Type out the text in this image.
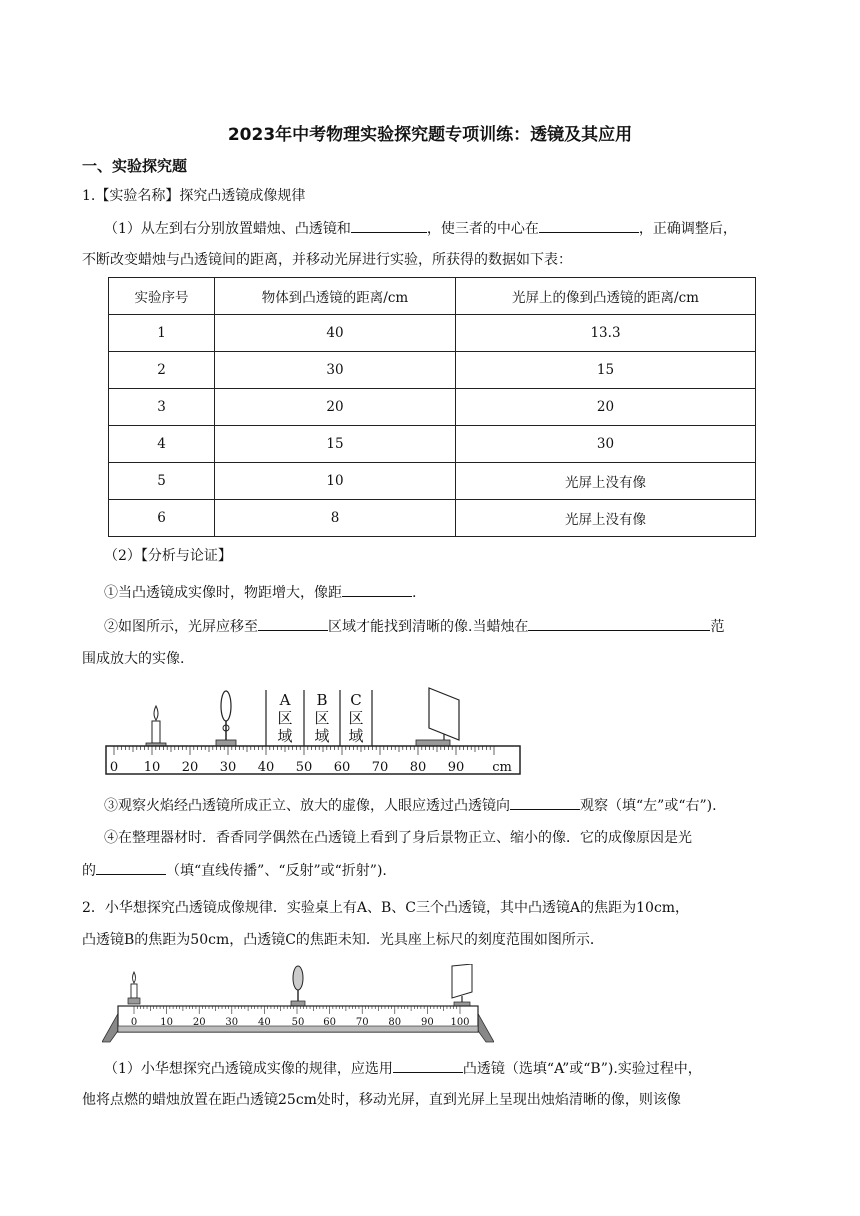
2023年中考物理实验探究题专项训练：透镜及其应用
一、实验探究题
1.【实验名称】探究凸透镜成像规律
（1）从左到右分别放置蜡烛、凸透镜和	，使三者的中心在	，正确调整后，
不断改变蜡烛与凸透镜间的距离，并移动光屏进行实验，所获得的数据如下表：
实验序号	物体到凸透镜的距离/cm	光屏上的像到凸透镜的距离/cm
1	40	13.3
2	30	15
3	20	20
4	15	30
5	10	光屏上没有像
6	8	光屏上没有像
（2）【分析与论证】
①当凸透镜成实像时，物距增大，像距	.
②如图所示，光屏应移至	区域才能找到清晰的像.当蜡烛在	范
围成放大的实像.
A
区
域
B
区
域
C
区
域
0 10 20 30 40 50 60 70 80 90 cm
③观察火焰经凸透镜所成正立、放大的虚像，人眼应透过凸透镜向	观察（填“左”或“右”).
④在整理器材时．香香同学偶然在凸透镜上看到了身后景物正立、缩小的像．它的成像原因是光
的	（填“直线传播”、“反射”或“折射”).
2．小华想探究凸透镜成像规律．实验桌上有A、B、C三个凸透镜，其中凸透镜A的焦距为10cm，
凸透镜B的焦距为50cm，凸透镜C的焦距未知．光具座上标尺的刻度范围如图所示．
0 10 20 30 40 50 60 70 80 90 100
（1）小华想探究凸透镜成实像的规律，应选用	凸透镜（选填“A”或“B”).实验过程中，
他将点燃的蜡烛放置在距凸透镜25cm处时，移动光屏，直到光屏上呈现出烛焰清晰的像，则该像
